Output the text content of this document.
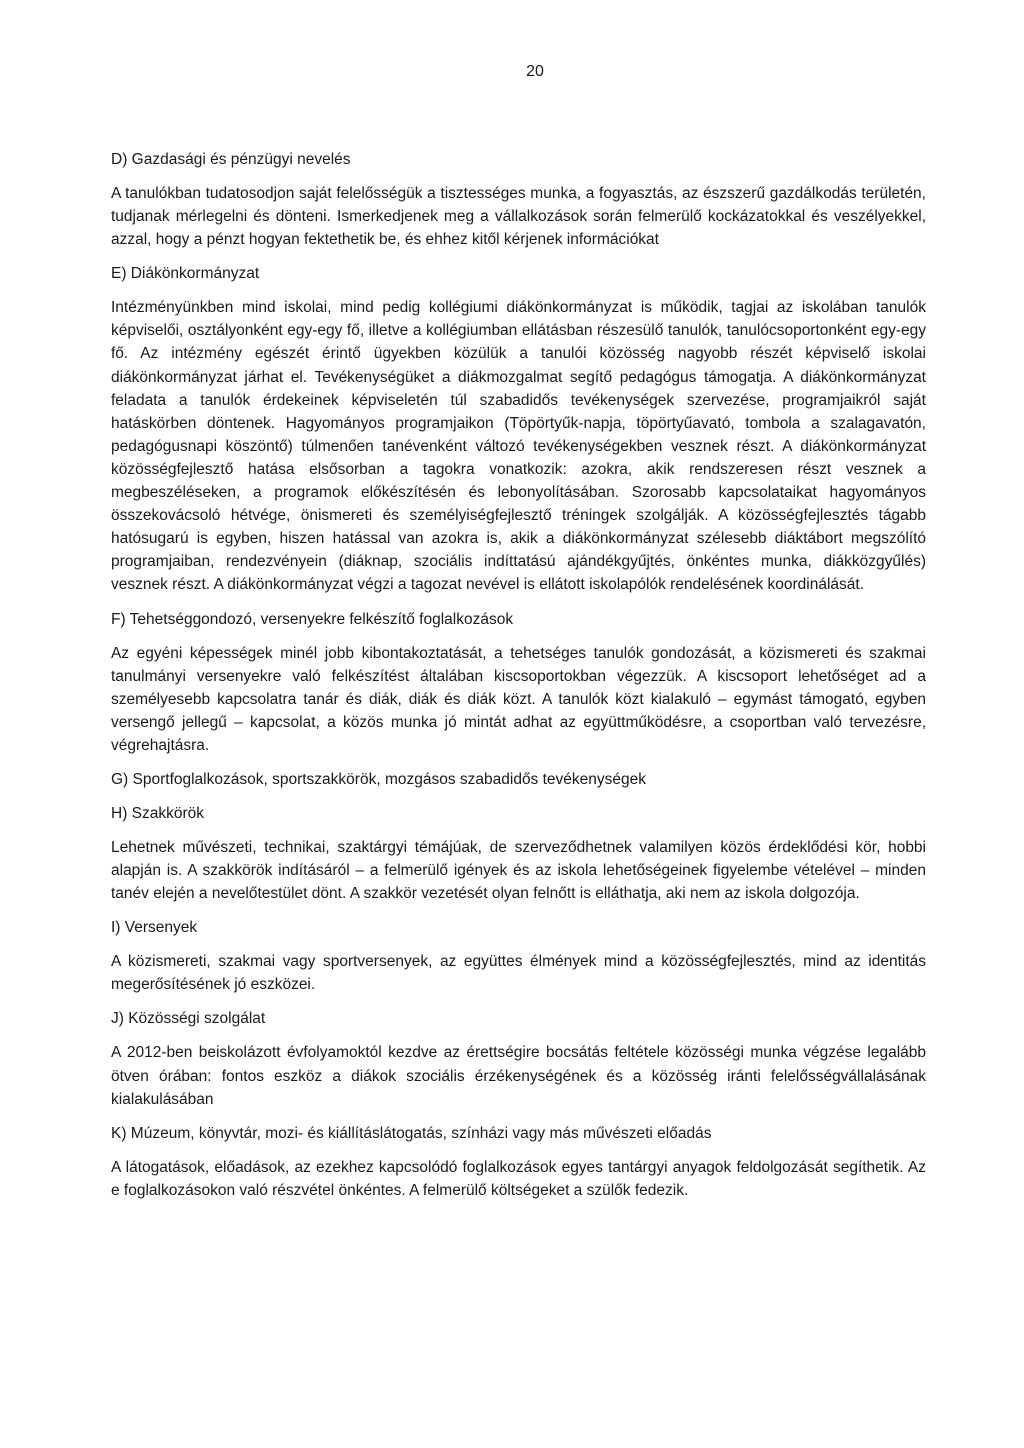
20
D) Gazdasági és pénzügyi nevelés

A tanulókban tudatosodjon saját felelősségük a tisztességes munka, a fogyasztás, az észszerű gazdálkodás területén, tudjanak mérlegelni és dönteni. Ismerkedjenek meg a vállalkozások során felmerülő kockázatokkal és veszélyekkel, azzal, hogy a pénzt hogyan fektethetik be, és ehhez kitől kérjenek információkat

E) Diákönkormányzat

Intézményünkben mind iskolai, mind pedig kollégiumi diákönkormányzat is működik, tagjai az iskolában tanulók képviselői, osztályonként egy-egy fő, illetve a kollégiumban ellátásban részesülő tanulók, tanulócsoportonként egy-egy fő. Az intézmény egészét érintő ügyekben közülük a tanulói közösség nagyobb részét képviselő iskolai diákönkormányzat járhat el. Tevékenységüket a diákmozgalmat segítő pedagógus támogatja. A diákönkormányzat feladata a tanulók érdekeinek képviseletén túl szabadidős tevékenységek szervezése, programjaikról saját hatáskörben döntenek. Hagyományos programjaikon (Töpörtyűk-napja, töpörtyűavató, tombola a szalagavatón, pedagógusnapi köszöntő) túlmenően tanévenként változó tevékenységekben vesznek részt. A diákönkormányzat közösségfejlesztő hatása elsősorban a tagokra vonatkozik: azokra, akik rendszeresen részt vesznek a megbeszéléseken, a programok előkészítésén és lebonyolításában. Szorosabb kapcsolataikat hagyományos összekovácsoló hétvége, önismereti és személyiségfejlesztő tréningek szolgálják. A közösségfejlesztés tágabb hatósugarú is egyben, hiszen hatással van azokra is, akik a diákönkormányzat szélesebb diáktábort megszólító programjaiban, rendezvényein (diáknap, szociális indíttatású ajándékgyűjtés, önkéntes munka, diákközgyűlés) vesznek részt. A diákönkormányzat végzi a tagozat nevével is ellátott iskolapólók rendelésének koordinálását.

F) Tehetséggondozó, versenyekre felkészítő foglalkozások

Az egyéni képességek minél jobb kibontakoztatását, a tehetséges tanulók gondozását, a közismereti és szakmai tanulmányi versenyekre való felkészítést általában kiscsoportokban végezzük. A kiscsoport lehetőséget ad a személyesebb kapcsolatra tanár és diák, diák és diák közt. A tanulók közt kialakuló – egymást támogató, egyben versengő jellegű – kapcsolat, a közös munka jó mintát adhat az együttműködésre, a csoportban való tervezésre, végrehajtásra.

G) Sportfoglalkozások, sportszakkörök, mozgásos szabadidős tevékenységek
H) Szakkörök

Lehetnek művészeti, technikai, szaktárgyi témájúak, de szerveződhetnek valamilyen közös érdeklődési kör, hobbi alapján is. A szakkörök indításáról – a felmerülő igények és az iskola lehetőségeinek figyelembe vételével – minden tanév elején a nevelőtestület dönt. A szakkör vezetését olyan felnőtt is elláthatja, aki nem az iskola dolgozója.

I) Versenyek

A közismereti, szakmai vagy sportversenyek, az együttes élmények mind a közösségfejlesztés, mind az identitás megerősítésének jó eszközei.

J) Közösségi szolgálat

A 2012-ben beiskolázott évfolyamoktól kezdve az érettségire bocsátás feltétele közösségi munka végzése legalább ötven órában: fontos eszköz a diákok szociális érzékenységének és a közösség iránti felelősségvállalásának kialakulásában

K) Múzeum, könyvtár, mozi- és kiállításlátogatás, színházi vagy más művészeti előadás

A látogatások, előadások, az ezekhez kapcsolódó foglalkozások egyes tantárgyi anyagok feldolgozását segíthetik. Az e foglalkozásokon való részvétel önkéntes. A felmerülő költségeket a szülők fedezik.
